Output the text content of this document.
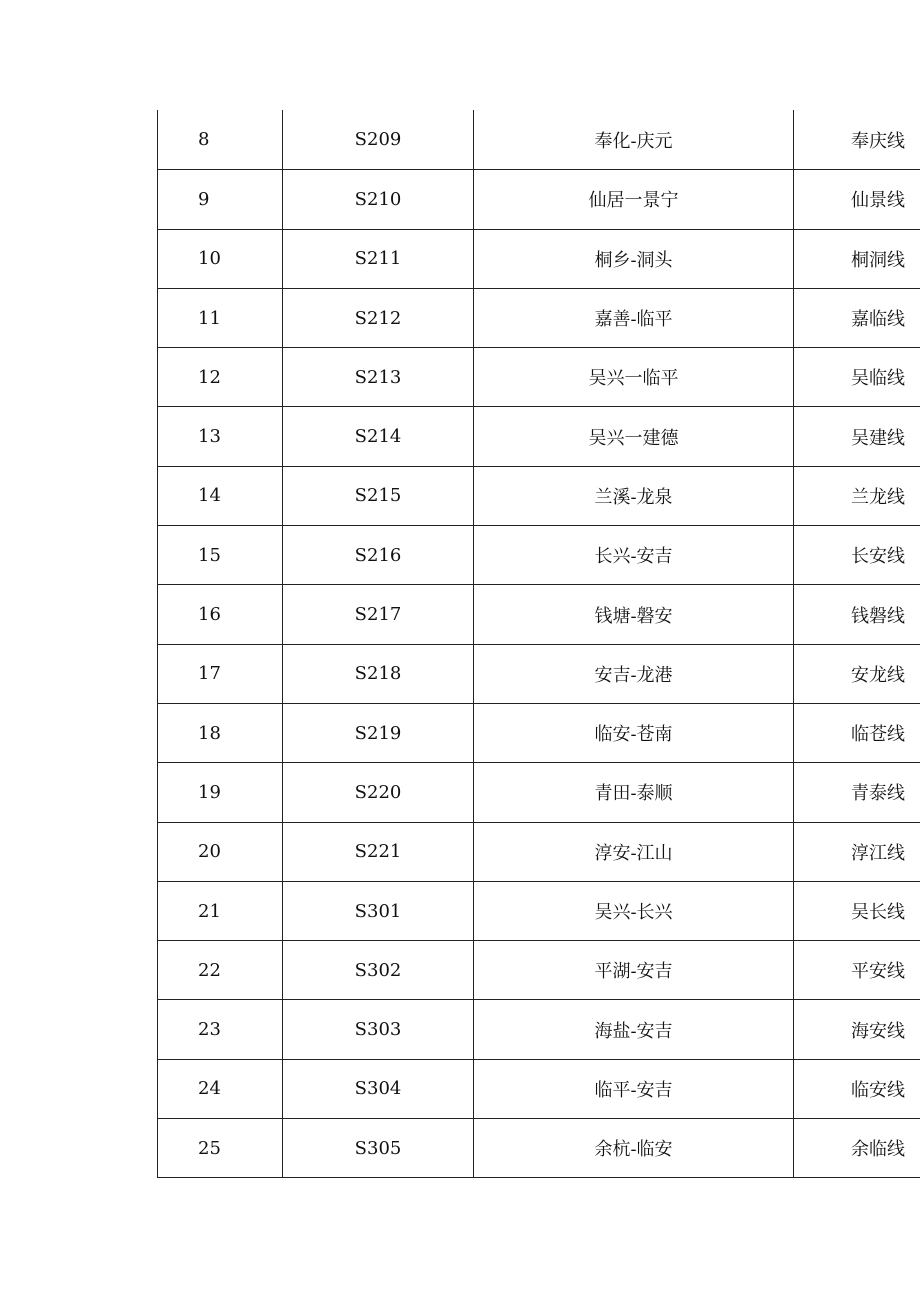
8	S209	奉化-庆元	奉庆线
9	S210	仙居一景宁	仙景线
10	S211	桐乡-洞头	桐洞线
11	S212	嘉善-临平	嘉临线
12	S213	吴兴一临平	吴临线
13	S214	吴兴一建德	吴建线
14	S215	兰溪-龙泉	兰龙线
15	S216	长兴-安吉	长安线
16	S217	钱塘-磐安	钱磐线
17	S218	安吉-龙港	安龙线
18	S219	临安-苍南	临苍线
19	S220	青田-泰顺	青泰线
20	S221	淳安-江山	淳江线
21	S301	吴兴-长兴	吴长线
22	S302	平湖-安吉	平安线
23	S303	海盐-安吉	海安线
24	S304	临平-安吉	临安线
25	S305	余杭-临安	余临线
